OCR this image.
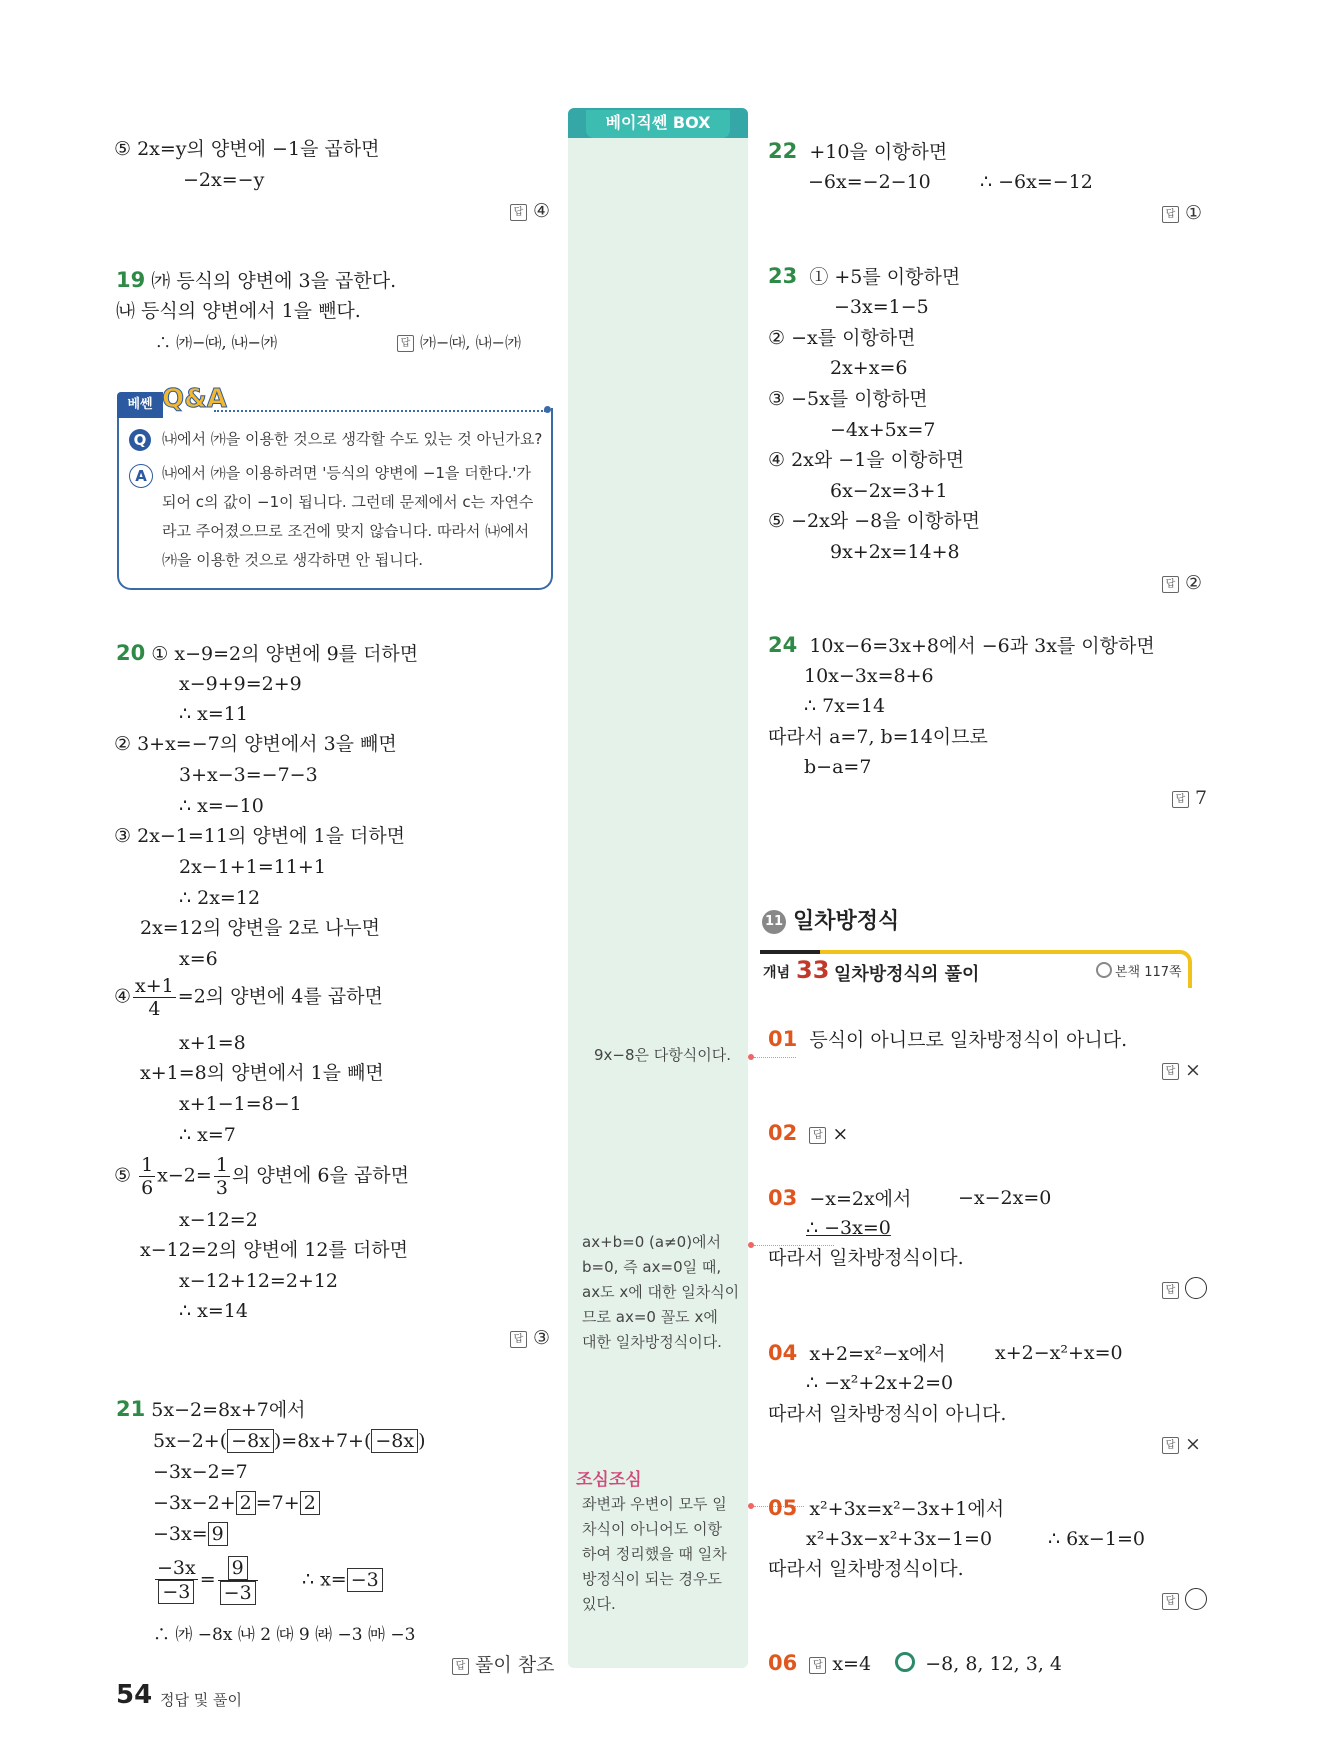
베이직쎈 BOX
⑤ 2x=y의 양변에 −1을 곱하면
−2x=−y
답 ④
19 ㈎ 등식의 양변에 3을 곱한다.
㈏ 등식의 양변에서 1을 뺀다.
∴ ㈎−㈐, ㈏−㈎	답 ㈎−㈐, ㈏−㈎
베쎈 Q&A
Q	㈏에서 ㈎을 이용한 것으로 생각할 수도 있는 것 아닌가요?
A	㈏에서 ㈎을 이용하려면 '등식의 양변에 −1을 더한다.'가
되어 c의 값이 −1이 됩니다. 그런데 문제에서 c는 자연수
라고 주어졌으므로 조건에 맞지 않습니다. 따라서 ㈏에서
㈎을 이용한 것으로 생각하면 안 됩니다.
20 ① x−9=2의 양변에 9를 더하면
x−9+9=2+9
∴ x=11
② 3+x=−7의 양변에서 3을 빼면
3+x−3=−7−3
∴ x=−10
③ 2x−1=11의 양변에 1을 더하면
2x−1+1=11+1
∴ 2x=12
2x=12의 양변을 2로 나누면
x=6
④ $\frac{x+1}{4} =2$의 양변에 4를 곱하면
x+1=8
x+1=8의 양변에서 1을 빼면
x+1−1=8−1
∴ x=7
⑤ $\frac{1}{6} x-2= \frac{1}{3}$ 의 양변에 6을 곱하면
x−12=2
x−12=2의 양변에 12를 더하면
x−12+12=2+12
∴ x=14
답 ③
21 5x−2=8x+7에서
5x−2+( −8x )=8x+7+( −8x )
−3x−2=7
−3x−2+ 2 =7+ 2
−3x= 9
$\frac{-3x}{-3} = \frac{9}{-3}$ ∴ x= −3
∴ ㈎ −8x ㈏ 2 ㈐ 9 ㈑ −3 ㈒ −3
답 풀이 참조
9x−8은 다항식이다.
ax+b=0 (a≠0)에서
b=0, 즉 ax=0일 때,
ax도 x에 대한 일차식이
므로 ax=0 꼴도 x에
대한 일차방정식이다.
조심조심
좌변과 우변이 모두 일
차식이 아니어도 이항
하여 정리했을 때 일차
방정식이 되는 경우도
있다.
22 +10을 이항하면
−6x=−2−10	∴ −6x=−12
답 ①
23 ① +5를 이항하면
−3x=1−5
② −x를 이항하면
2x+x=6
③ −5x를 이항하면
−4x+5x=7
④ 2x와 −1을 이항하면
6x−2x=3+1
⑤ −2x와 −8을 이항하면
9x+2x=14+8
답 ②
24 10x−6=3x+8에서 −6과 3x를 이항하면
10x−3x=8+6
∴ 7x=14
따라서 a=7, b=14이므로
b−a=7
답 7
11 일차방정식
개념 33 일차방정식의 풀이	본책 117쪽
01 등식이 아니므로 일차방정식이 아니다.
답 ×
02 답 ×
03 −x=2x에서 −x−2x=0
∴ −3x=0
따라서 일차방정식이다.
답
04 x+2=x²−x에서	x+2−x²+x=0
∴ −x²+2x+2=0
따라서 일차방정식이 아니다.
답 ×
05 x²+3x=x²−3x+1에서
x²+3x−x²+3x−1=0	∴ 6x−1=0
따라서 일차방정식이다.
답
06 답 x=4	−8, 8, 12, 3, 4
54 정답 및 풀이
